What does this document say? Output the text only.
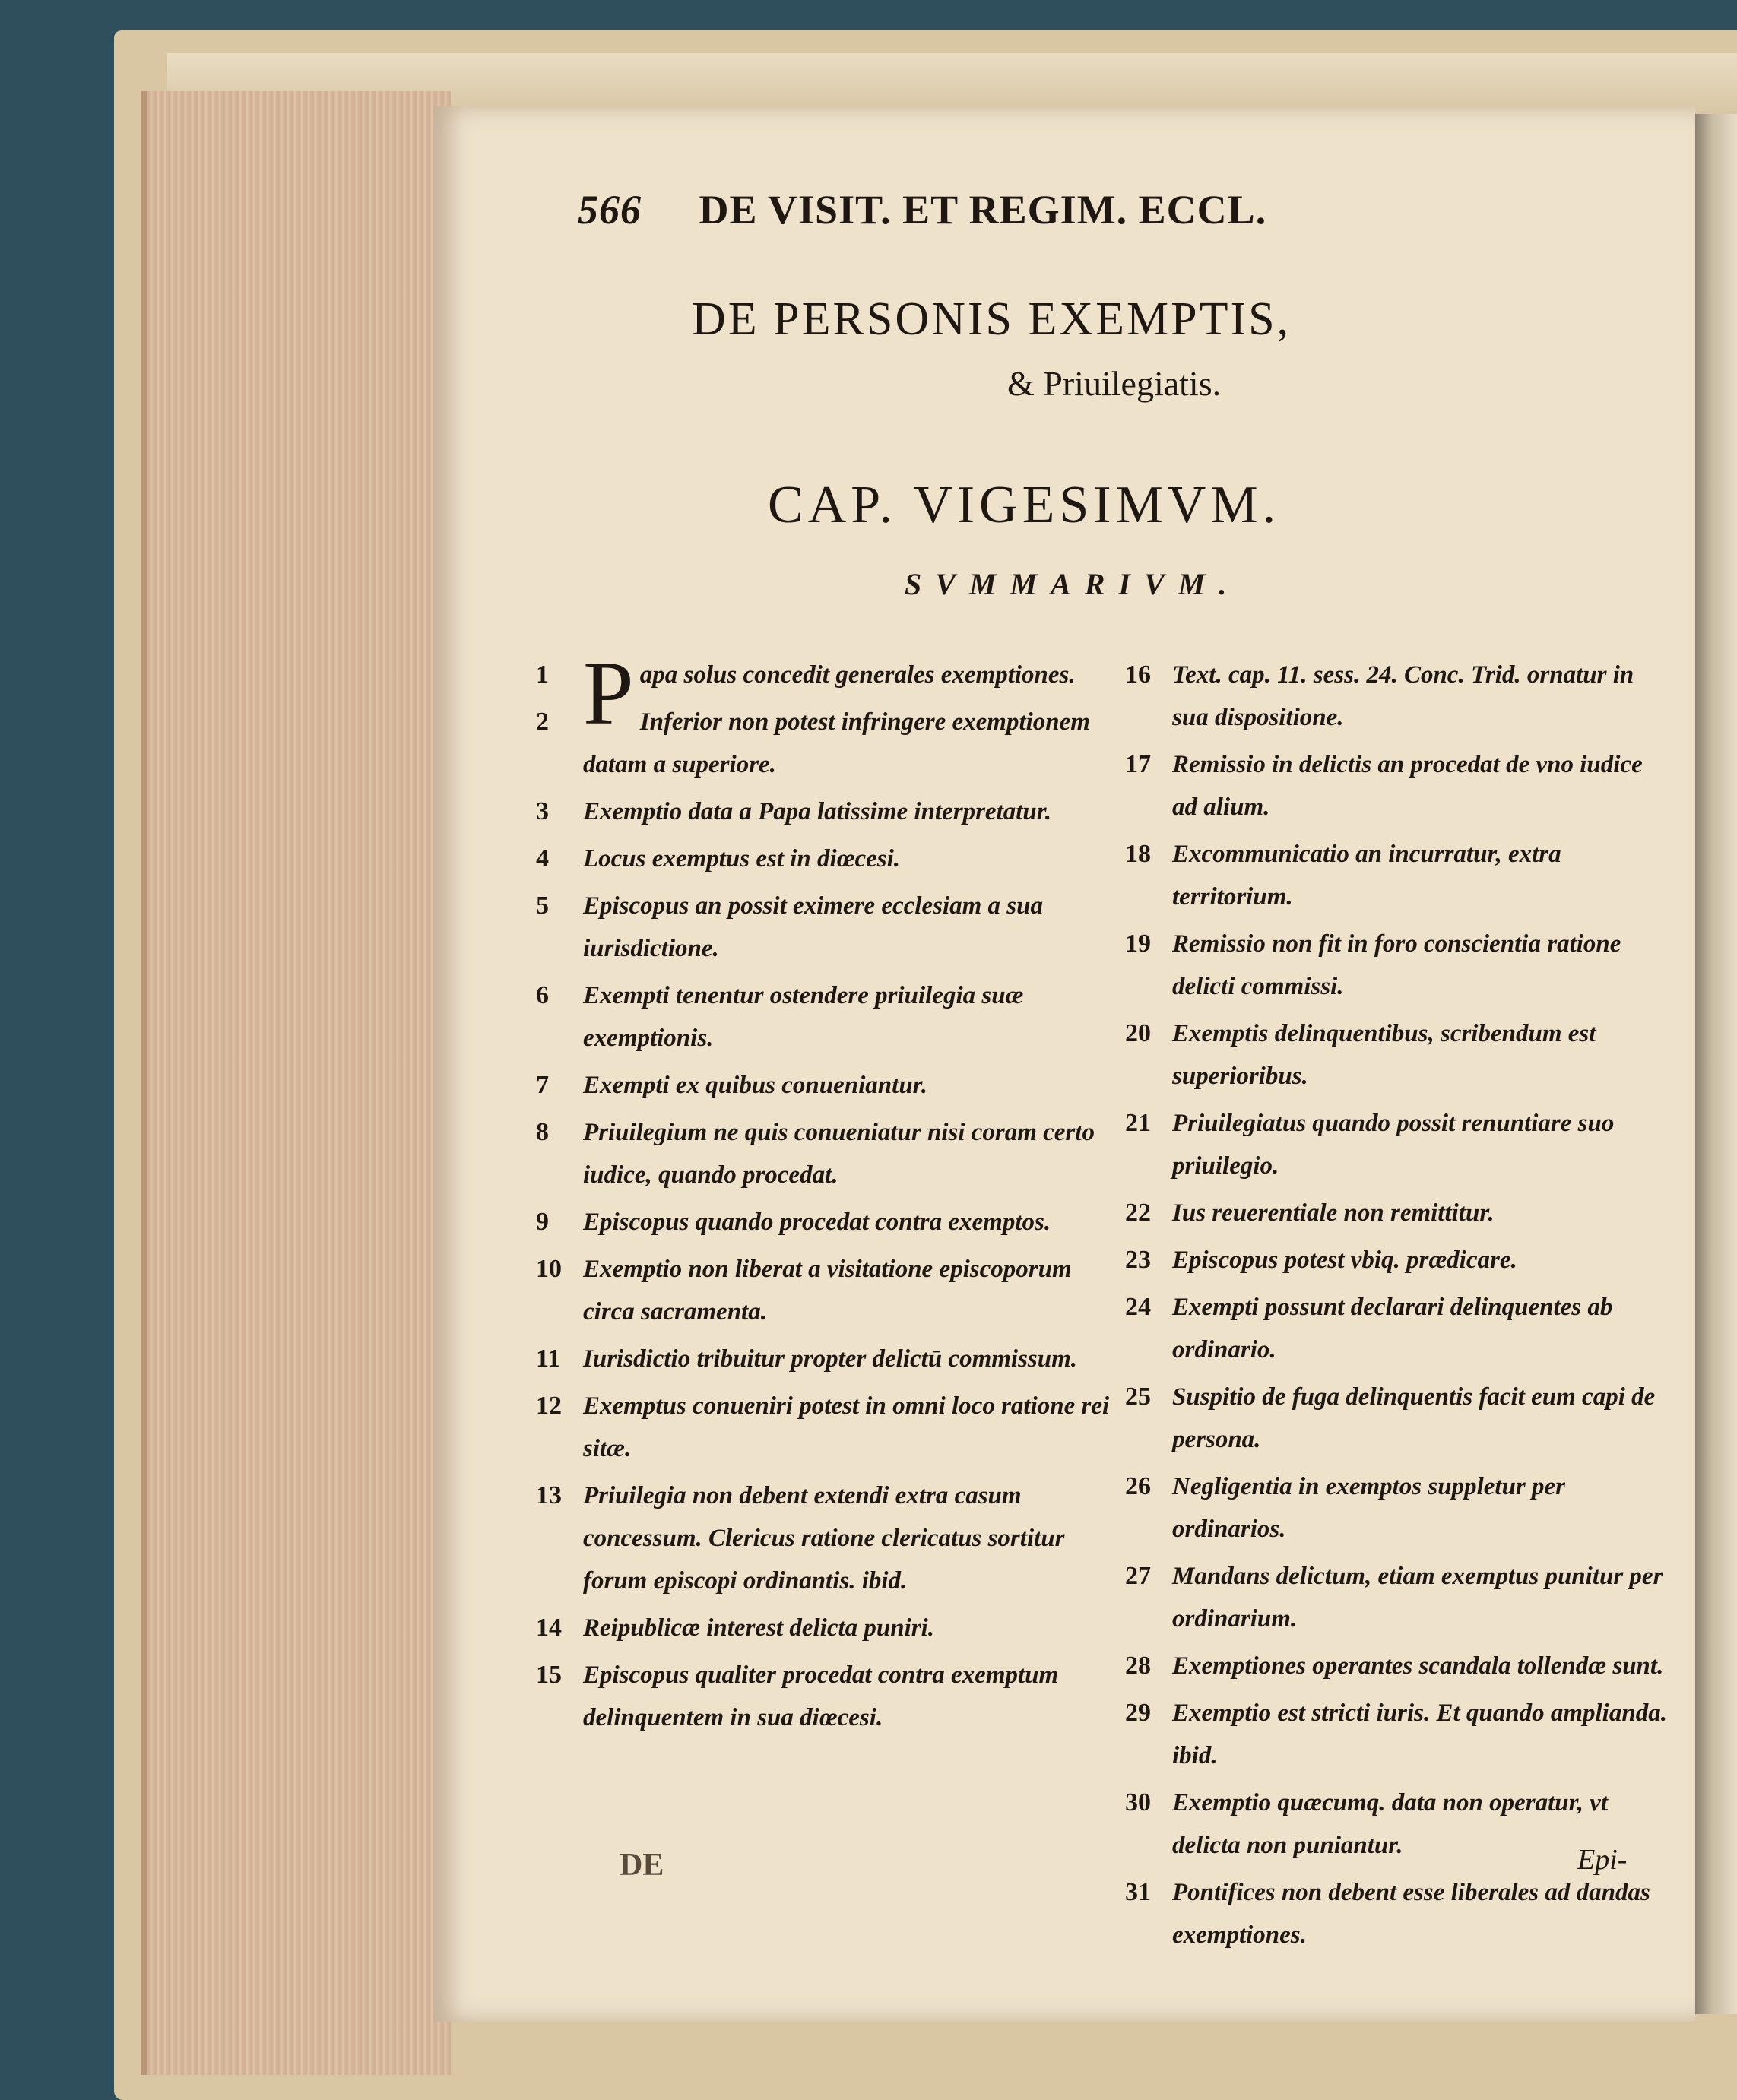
566 DE VISIT. ET REGIM. ECCL.
DE PERSONIS EXEMPTIS,
& Priuilegiatis.
CAP. VIGESIMVM.
SVMMARIVM.
1 Papa solus concedit generales exemptiones.
2	Inferior non potest infringere exemptionem datam a superiore.
3	Exemptio data a Papa latissime interpretatur.
4	Locus exemptus est in diœcesi.
5	Episcopus an possit eximere ecclesiam a sua iurisdictione.
6	Exempti tenentur ostendere priuilegia suæ exemptionis.
7	Exempti ex quibus conueniantur.
8	Priuilegium ne quis conueniatur nisi coram certo iudice, quando procedat.
9	Episcopus quando procedat contra exemptos.
10 Exemptio non liberat a visitatione episcoporum circa sacramenta.
11 Iurisdictio tribuitur propter delictū commissum.
12 Exemptus conueniri potest in omni loco ratione rei sitæ.
13 Priuilegia non debent extendi extra casum concessum. Clericus ratione clericatus sortitur forum episcopi ordinantis. ibid.
14 Reipublicæ interest delicta puniri.
15 Episcopus qualiter procedat contra exemptum delinquentem in sua diœcesi.
16 Text. cap. 11. sess. 24. Conc. Trid. ornatur in sua dispositione.
17 Remissio in delictis an procedat de vno iudice ad alium.
18 Excommunicatio an incurratur, extra territorium.
19 Remissio non fit in foro conscientia ratione delicti commissi.
20 Exemptis delinquentibus, scribendum est superioribus.
21 Priuilegiatus quando possit renuntiare suo priuilegio.
22 Ius reuerentiale non remittitur.
23 Episcopus potest vbiq. prædicare.
24 Exempti possunt declarari delinquentes ab ordinario.
25 Suspitio de fuga delinquentis facit eum capi de persona.
26 Negligentia in exemptos suppletur per ordinarios.
27 Mandans delictum, etiam exemptus punitur per ordinarium.
28 Exemptiones operantes scandala tollendæ sunt.
29 Exemptio est stricti iuris. Et quando amplianda. ibid.
30 Exemptio quæcumq. data non operatur, vt delicta non puniantur.
31 Pontifices non debent esse liberales ad dandas exemptiones.
DE	Epi-
